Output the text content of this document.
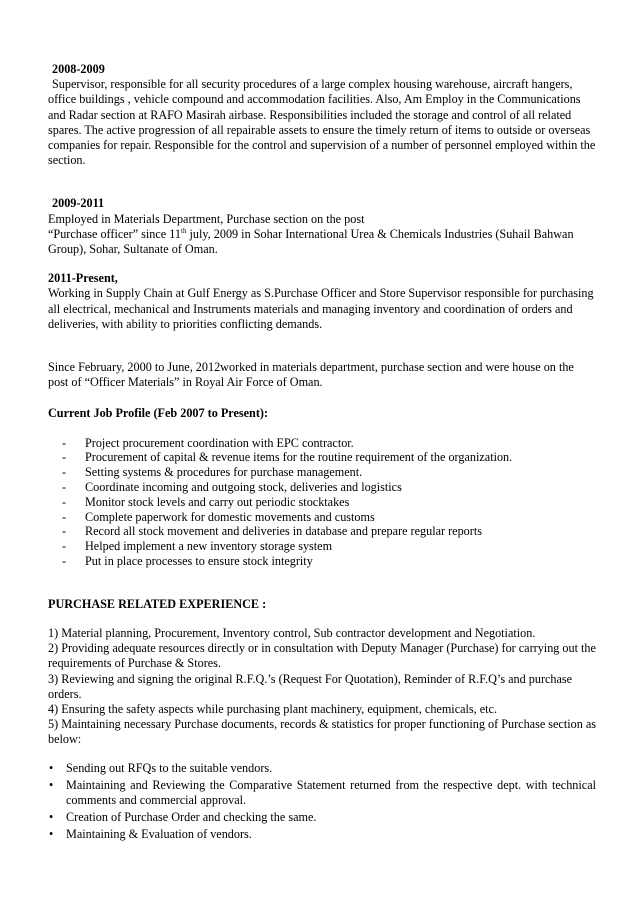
2008-2009

Supervisor, responsible for all security procedures of a large complex housing warehouse, aircraft hangers, office buildings , vehicle compound and accommodation facilities. Also, Am Employ in the Communications and Radar section at RAFO Masirah airbase. Responsibilities included the storage and control of all related spares. The active progression of all repairable assets to ensure the timely return of items to outside or overseas companies for repair. Responsible for the control and supervision of a number of personnel employed within the section.

2009-2011

Employed in Materials Department, Purchase section on the post

“Purchase officer” since 11th july, 2009 in Sohar International Urea & Chemicals Industries (Suhail Bahwan Group), Sohar, Sultanate of Oman.

2011-Present,

Working in Supply Chain at Gulf Energy as S.Purchase Officer and Store Supervisor responsible for purchasing all electrical, mechanical and Instruments materials and managing inventory and coordination of orders and deliveries, with ability to priorities conflicting demands.

Since February, 2000 to June, 2012worked in materials department, purchase section and were house on the post of “Officer Materials” in Royal Air Force of Oman.

Current Job Profile (Feb 2007 to Present):

- Project procurement coordination with EPC contractor.
- Procurement of capital & revenue items for the routine requirement of the organization.
- Setting systems & procedures for purchase management.
- Coordinate incoming and outgoing stock, deliveries and logistics
- Monitor stock levels and carry out periodic stocktakes
- Complete paperwork for domestic movements and customs
- Record all stock movement and deliveries in database and prepare regular reports
- Helped implement a new inventory storage system
- Put in place processes to ensure stock integrity

PURCHASE RELATED EXPERIENCE :

1) Material planning, Procurement, Inventory control, Sub contractor development and Negotiation.

2) Providing adequate resources directly or in consultation with Deputy Manager (Purchase) for carrying out the requirements of Purchase & Stores.

3) Reviewing and signing the original R.F.Q.’s (Request For Quotation), Reminder of R.F.Q’s and purchase orders.

4) Ensuring the safety aspects while purchasing plant machinery, equipment, chemicals, etc.

5) Maintaining necessary Purchase documents, records & statistics for proper functioning of Purchase section as below:

• Sending out RFQs to the suitable vendors.
• Maintaining and Reviewing the Comparative Statement returned from the respective dept. with technical comments and commercial approval.
• Creation of Purchase Order and checking the same.
• Maintaining & Evaluation of vendors.
